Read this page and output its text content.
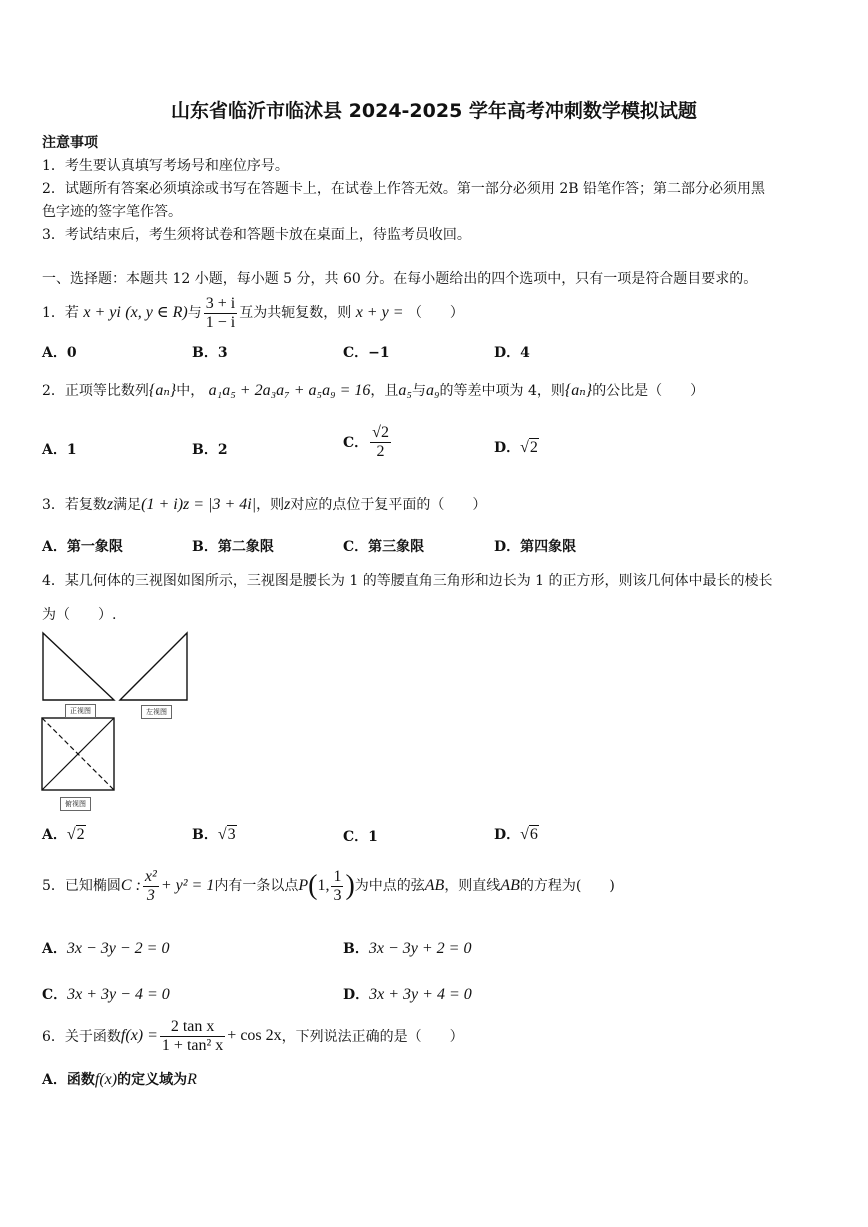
山东省临沂市临沭县 2024-2025 学年高考冲刺数学模拟试题
注意事项
1．考生要认真填写考场号和座位序号。
2．试题所有答案必须填涂或书写在答题卡上，在试卷上作答无效。第一部分必须用 2B 铅笔作答；第二部分必须用黑
色字迹的签字笔作答。
3．考试结束后，考生须将试卷和答题卡放在桌面上，待监考员收回。
一、选择题：本题共 12 小题，每小题 5 分，共 60 分。在每小题给出的四个选项中，只有一项是符合题目要求的。
1．若 x + yi (x, y ∈ R)与 $\frac{3 + i}{1 - i}$ 互为共轭复数，则 x + y = （　　）
A．0	B．3	C．−1	D．4
2．正项等比数列{aₙ}中， a₁a₅ + 2a₃a₇ + a₅a₉ = 16，且a₅与a₉的等差中项为 4，则{aₙ}的公比是（　　）
A．1	B．2	C． $\frac{√2}{2}$	D．√2
3．若复数z满足(1 + i)z = |3 + 4i|，则z对应的点位于复平面的（　　）
A．第一象限	B．第二象限	C．第三象限	D．第四象限
4．某几何体的三视图如图所示，三视图是腰长为 1 的等腰直角三角形和边长为 1 的正方形，则该几何体中最长的棱长
为（　　）.
正视图	左视图
俯视图
A．√2	B．√3	C．1	D．√6
5．已知椭圆C : $\frac{\text{x²}}{3} + y^2 = 1$内有一条以点P(1, $\frac{1}{3}$ )为中点的弦AB，则直线AB的方程为(　　)
A．3x − 3y − 2 = 0	B．3x − 3y + 2 = 0
C．3x + 3y − 4 = 0	D．3x + 3y + 4 = 0
6．关于函数$f(x) = \frac{\text{2 tan x}}{\text{1 + tan² x}} + \cos 2x$，下列说法正确的是（　　）
A．函数f(x)的定义域为R
